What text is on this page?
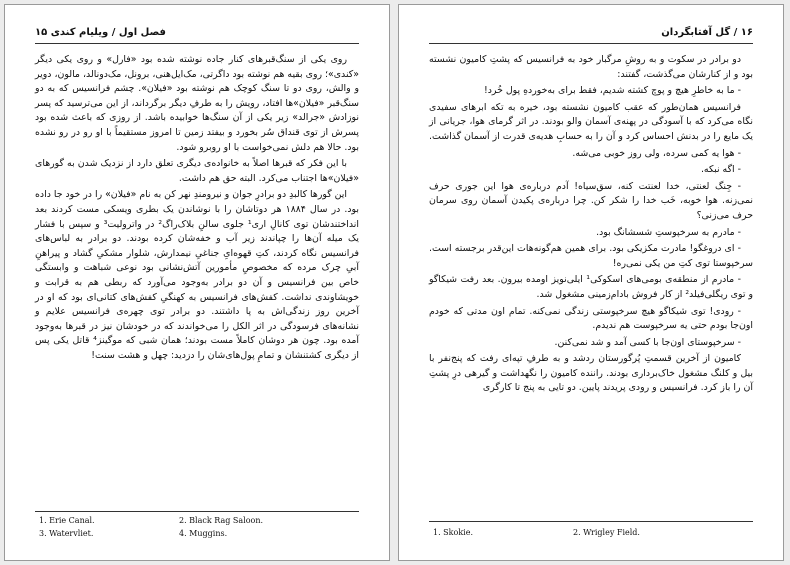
فصل اول / ویلیام کندی ۱۵

روی یکی از سنگ‌قبرهای کنار جاده نوشته شده بود «فارل» و روی یکی دیگر «کندی»؛ روی بقیه هم نوشته بود داگرتی، مک‌ایل‌هنی، برونل، مک‌دونالد، مالون، دویر و والش، روی دو تا سنگ کوچک هم نوشته بود «فیلان». چشم فرانسیس که به دو سنگ‌قبر «فیلان»ها افتاد، رویش را به طرفِ دیگر برگرداند، از این می‌ترسید که پسر نوزادش «جرالد» زیر یکی از آن سنگ‌ها خوابیده باشد. از روزی که باعث شده بود پسرش از توی قنداق سُر بخورد و بیفتد زمین تا امروز مستقیماً با او رو در رو نشده بود. حالا هم دلش نمی‌خواست با او روبرو شود.

با این فکر که قبرها اصلاً به خانواده‌ی دیگری تعلق دارد از نزدیک شدن به گورهای «فیلان»ها اجتناب می‌کرد. البته حق هم داشت.

این گورها کالبدِ دو برادرِ جوان و نیرومندِ نهر کن به نام «فیلان» را در خود جا داده بود. در سال ۱۸۸۴ هر دوتاشان را با نوشاندن یک بطری ویسکی مست کردند بعد انداختندشان توی کانالِ اری¹ جلوی سالنِ بلاک‌راگ² در واترولیت³ و سپس با فشار یک میله آن‌ها را چپاندند زیر آب و خفه‌شان کرده بودند. دو برادر به لباس‌های فرانسیس نگاه کردند، کتِ قهوه‌ایِ جناغیِ نیمدارش، شلوار مشکیِ گشاد و پیراهنِ آبیِ چرک مرده که مخصوصِ مأمورین آتش‌نشانی بود نوعی شباهت و وابستگی خاص بین فرانسیس و آن دو برادر به‌وجود می‌آورد که ربطی هم به قرابت و خویشاوندی نداشت. کفش‌های فرانسیس به کهنگیِ کفش‌های کتانی‌ای بود که او در آخرین روز زندگی‌اش به پا داشتند. دو برادر توی چهره‌ی فرانسیس علایم و نشانه‌های فرسودگی در اثر الکل را می‌خواندند که در خودشان نیز در قبرها به‌وجود آمده بود. چون هر دوشان کاملاً مست بودند؛ همان شبی که موگینز⁴ قاتل یکی پس از دیگری کشتنشان و تمامِ پول‌های‌شان را دزدید: چهل و هشت سنت!

1. Erie Canal.	2. Black Rag Saloon.
3. Watervliet.	4. Muggins.
۱۶ / گل آفتابگردان

دو برادر در سکوت و به روشِ مرگبار خود به فرانسیس که پشتِ کامیون نشسته بود و از کنارشان می‌گذشت، گفتند:

- ما به خاطرِ هیچ و پوچ کشته شدیم، فقط برای به‌خوردهِ پول خُرد!

فرانسیس همان‌طور که عقب کامیون نشسته بود، خیره به تکه ابرهای سفیدی نگاه می‌کرد که با آسودگی در پهنه‌ی آسمان والو بودند. در اثر گرمای هوا، جریانی از یک مایع را در بدنش احساس کرد و آن را به حسابِ هدیه‌ی قدرت از آسمان گذاشت.

- هوا یه کمی سرده، ولی روز خوبی می‌شه.

- اگه نبکه.

- جِنگ لعنتی، خدا لعنتت کنه، سق‌سیاه! آدم درباره‌ی هوا این جوری حرف نمی‌زنه. هوا خوبه، خَب خدا را شکر کن. چرا درباره‌ی پکیدن آسمان روی سرمان حرف می‌زنی؟

- مادرم به سرخپوستِ شسشانگ بود.

- ای دروغگو! مادرت مکزیکی بود. برای همین هم‌گونه‌هات این‌قدر برجسته است. سرخپوستا توی کتِ من یکی نمی‌ره!

- مادرم از منطقه‌ی بومی‌های اسکوکی¹ ایلی‌نویز اومده بیرون. بعد رفت شیکاگو و توی ریگلی‌فیلد² از کار فروش بادام‌زمینی مشغول شد.

- رودی! توی شیکاگو هیچ سرخپوستی زندگی نمی‌کنه. تمام اون مدتی که خودم اون‌جا بودم حتی یه سرخپوست هم ندیدم.

- سرخپوستای اون‌جا با کسی آمد و شد نمی‌کنن.

کامیون از آخرین قسمتِ پُرگورستان ردشد و به طرفِ تپه‌ای رفت که پنج‌نفر با بیل و کلنگ مشغول خاک‌برداری بودند. راننده کامیون را نگهداشت و گیرهی درِ پشتِ آن را باز کرد. فرانسیس و رودی پریدند پایین. دو تایی به پنج تا کارگری

1. Skokie.	2. Wrigley Field.
